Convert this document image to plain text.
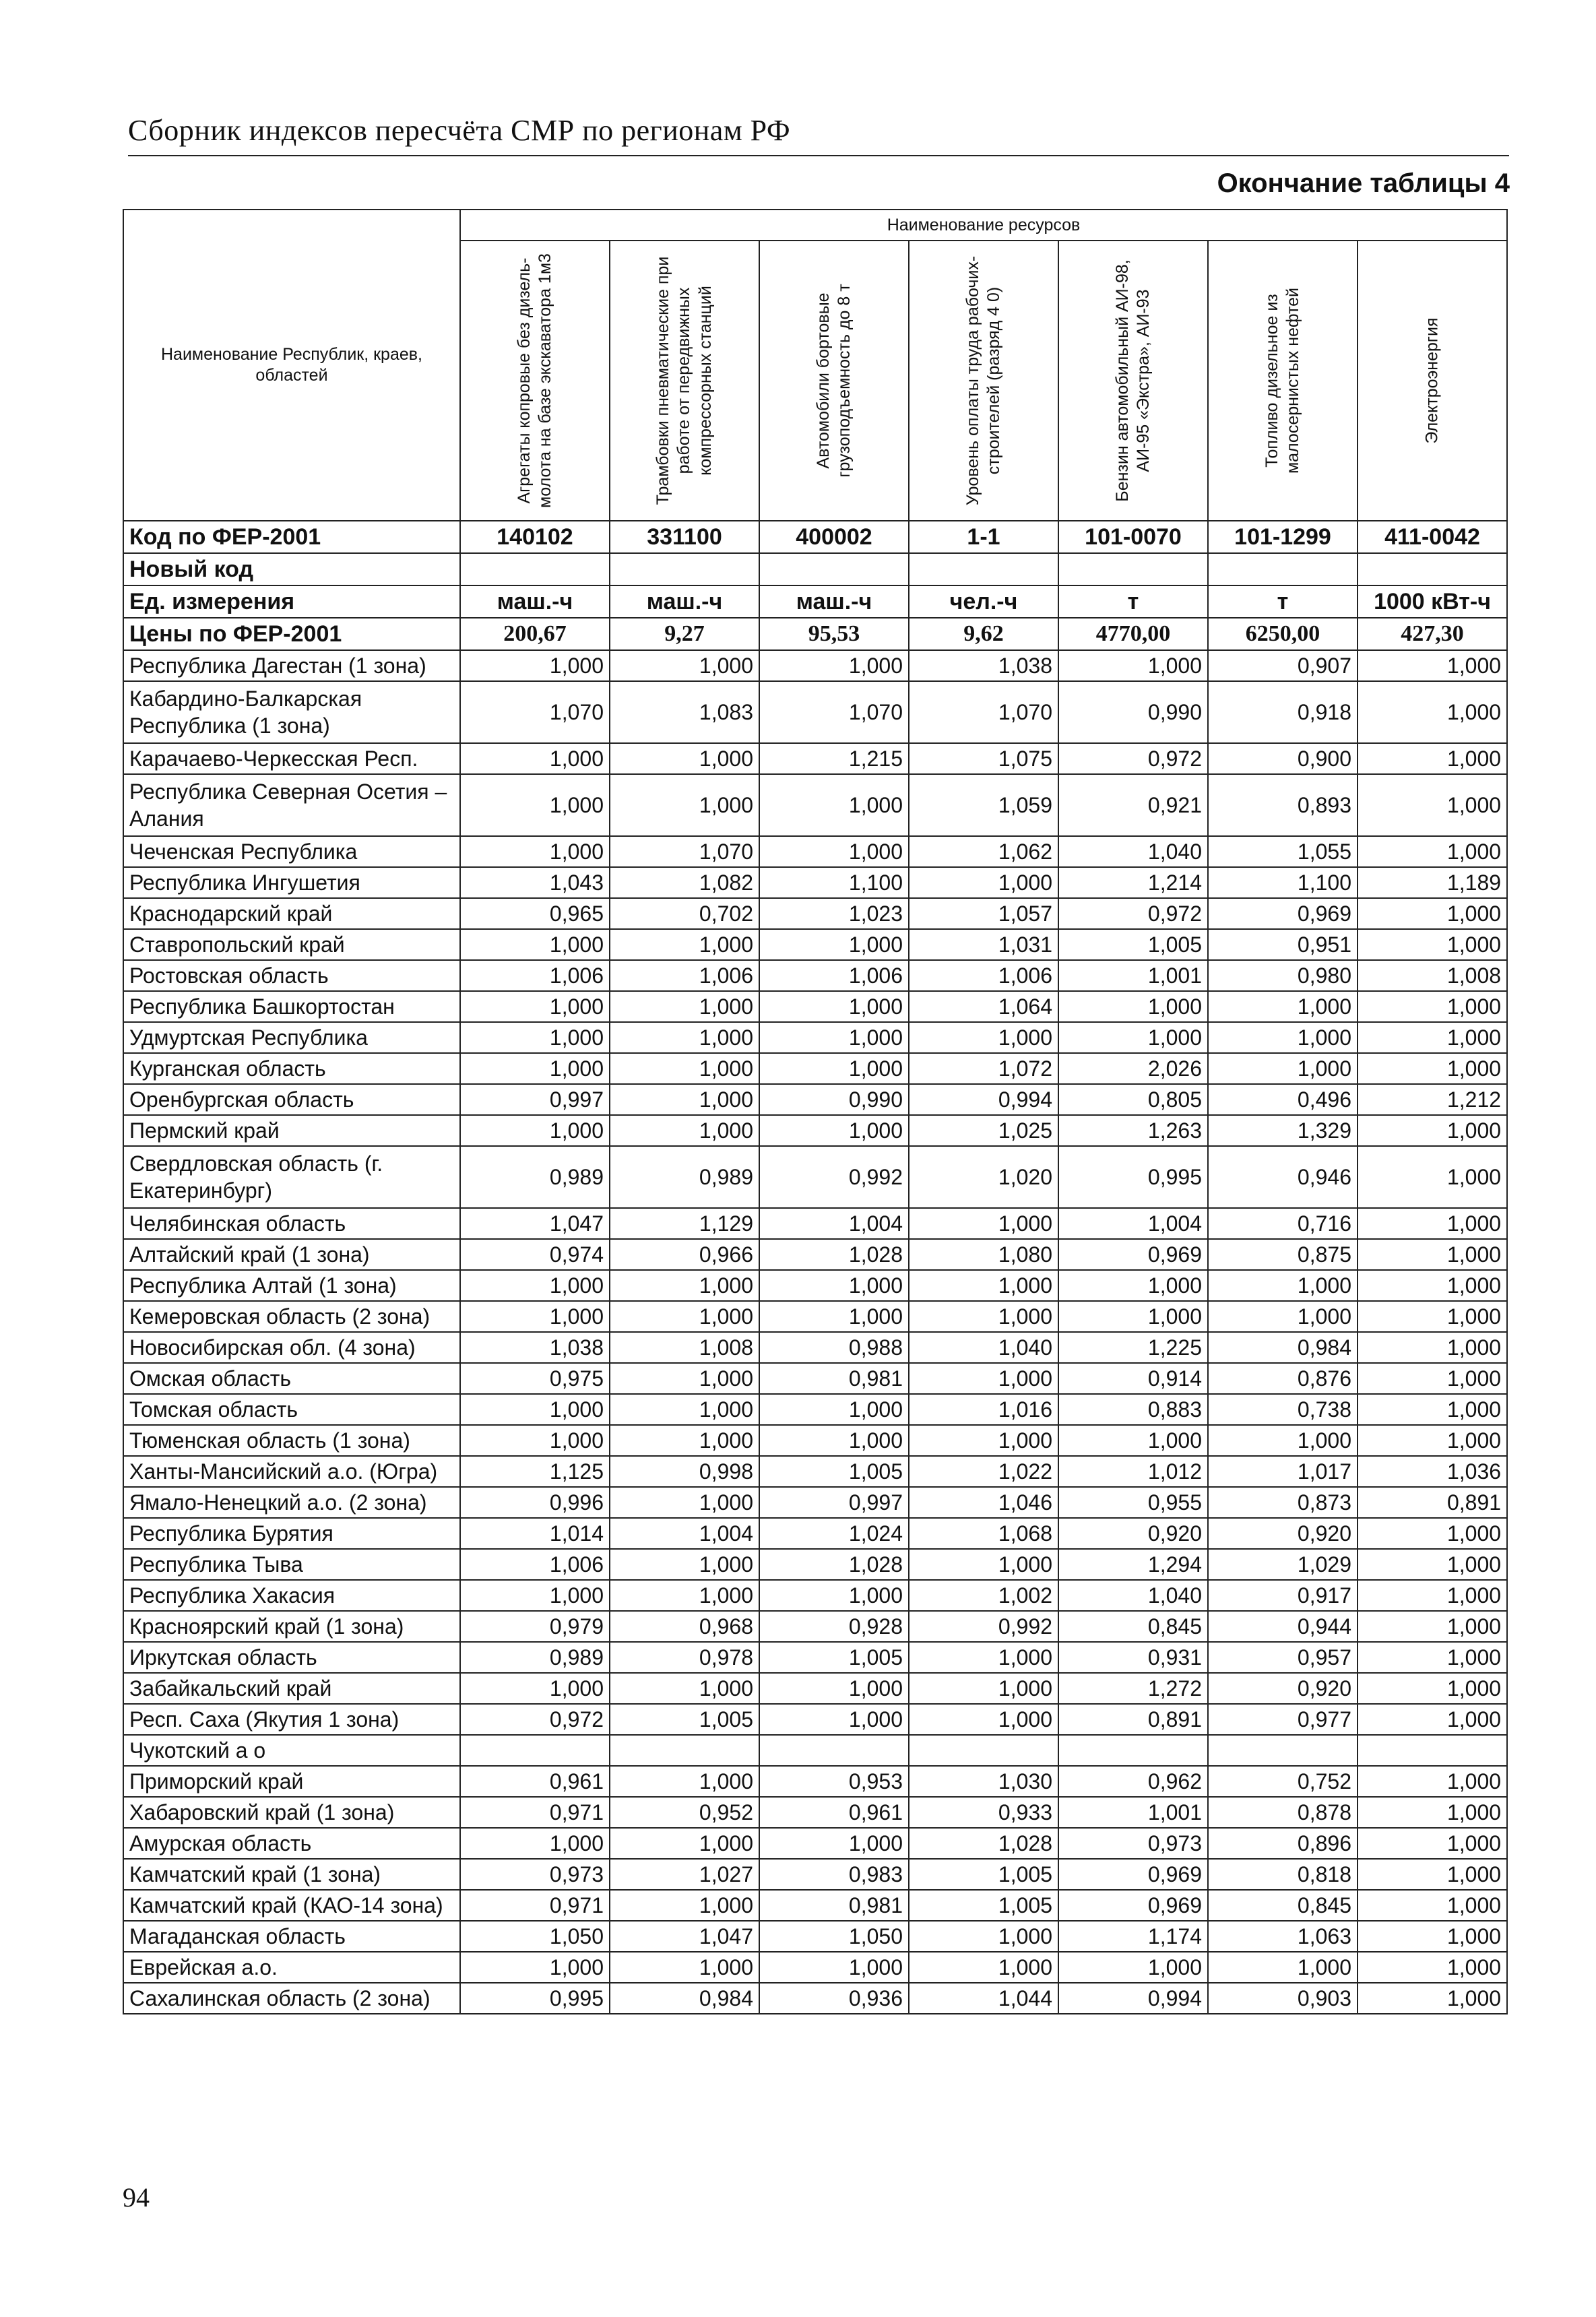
Сборник индексов пересчёта СМР по регионам РФ
Окончание таблицы 4
Наименование Республик, краев, областей	Наименование ресурсов						

	Агрегаты копровые без дизель-молота на базе экскаватора 1м3	Трамбовки пневматические при работе от передвижных компрессорных станций	Автомобили бортовые грузоподъемность до 8 т	Уровень оплаты труда рабочих-строителей (разряд 4 0)	Бензин автомобильный АИ-98, АИ-95 «Экстра», АИ-93	Топливо дизельное из малосернистых нефтей	Электроэнергия

Код по ФЕР-2001	140102	331100	400002	1-1	101-0070	101-1299	411-0042
Новый код							
Ед. измерения	маш.-ч	маш.-ч	маш.-ч	чел.-ч	т	т	1000 кВт-ч
Цены по ФЕР-2001	200,67	9,27	95,53	9,62	4770,00	6250,00	427,30
Республика Дагестан (1 зона)	1,000	1,000	1,000	1,038	1,000	0,907	1,000
Кабардино-Балкарская Республика (1 зона)	1,070	1,083	1,070	1,070	0,990	0,918	1,000
Карачаево-Черкесская Респ.	1,000	1,000	1,215	1,075	0,972	0,900	1,000
Республика Северная Осетия – Алания	1,000	1,000	1,000	1,059	0,921	0,893	1,000
Чеченская Республика	1,000	1,070	1,000	1,062	1,040	1,055	1,000
Республика Ингушетия	1,043	1,082	1,100	1,000	1,214	1,100	1,189
Краснодарский край	0,965	0,702	1,023	1,057	0,972	0,969	1,000
Ставропольский край	1,000	1,000	1,000	1,031	1,005	0,951	1,000
Ростовская область	1,006	1,006	1,006	1,006	1,001	0,980	1,008
Республика Башкортостан	1,000	1,000	1,000	1,064	1,000	1,000	1,000
Удмуртская Республика	1,000	1,000	1,000	1,000	1,000	1,000	1,000
Курганская область	1,000	1,000	1,000	1,072	2,026	1,000	1,000
Оренбургская область	0,997	1,000	0,990	0,994	0,805	0,496	1,212
Пермский край	1,000	1,000	1,000	1,025	1,263	1,329	1,000
Свердловская область (г. Екатеринбург)	0,989	0,989	0,992	1,020	0,995	0,946	1,000
Челябинская область	1,047	1,129	1,004	1,000	1,004	0,716	1,000
Алтайский край (1 зона)	0,974	0,966	1,028	1,080	0,969	0,875	1,000
Республика Алтай (1 зона)	1,000	1,000	1,000	1,000	1,000	1,000	1,000
Кемеровская область (2 зона)	1,000	1,000	1,000	1,000	1,000	1,000	1,000
Новосибирская обл. (4 зона)	1,038	1,008	0,988	1,040	1,225	0,984	1,000
Омская область	0,975	1,000	0,981	1,000	0,914	0,876	1,000
Томская область	1,000	1,000	1,000	1,016	0,883	0,738	1,000
Тюменская область (1 зона)	1,000	1,000	1,000	1,000	1,000	1,000	1,000
Ханты-Мансийский а.о. (Югра)	1,125	0,998	1,005	1,022	1,012	1,017	1,036
Ямало-Ненецкий а.о. (2 зона)	0,996	1,000	0,997	1,046	0,955	0,873	0,891
Республика Бурятия	1,014	1,004	1,024	1,068	0,920	0,920	1,000
Республика Тыва	1,006	1,000	1,028	1,000	1,294	1,029	1,000
Республика Хакасия	1,000	1,000	1,000	1,002	1,040	0,917	1,000
Красноярский край (1 зона)	0,979	0,968	0,928	0,992	0,845	0,944	1,000
Иркутская область	0,989	0,978	1,005	1,000	0,931	0,957	1,000
Забайкальский край	1,000	1,000	1,000	1,000	1,272	0,920	1,000
Респ. Саха (Якутия 1 зона)	0,972	1,005	1,000	1,000	0,891	0,977	1,000
Чукотский а о							
Приморский край	0,961	1,000	0,953	1,030	0,962	0,752	1,000
Хабаровский край (1 зона)	0,971	0,952	0,961	0,933	1,001	0,878	1,000
Амурская область	1,000	1,000	1,000	1,028	0,973	0,896	1,000
Камчатский край (1 зона)	0,973	1,027	0,983	1,005	0,969	0,818	1,000
Камчатский край (КАО-14 зона)	0,971	1,000	0,981	1,005	0,969	0,845	1,000
Магаданская область	1,050	1,047	1,050	1,000	1,174	1,063	1,000
Еврейская а.о.	1,000	1,000	1,000	1,000	1,000	1,000	1,000
Сахалинская область (2 зона)	0,995	0,984	0,936	1,044	0,994	0,903	1,000
94
